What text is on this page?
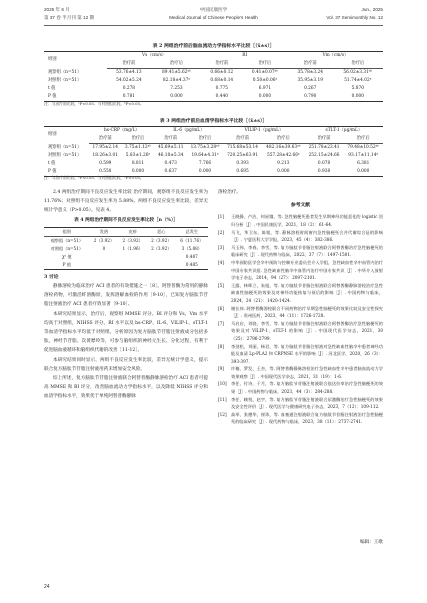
2025 年 6 月
第 37 卷 半月刊 第 12 期
中国民康医学
Medical Journal of Chinese People's Health
Jun., 2025
Vol. 37 Semimonthly No. 12
表 2 两组治疗前后脑血流动力学指标水平比较［（x̄±s）］
组别	Vs（cm/s）		RI		Vm（cm/s）	
	治疗前	治疗后	治疗前	治疗后	治疗前	治疗后
观察组（n=51）	53.76±4.13	89.41±5.62ᵃᵇ	0.66±0.12	0.41±0.07ᵃᵇ	35.78±3.24	56.02±3.31ᵃᵇ
对照组（n=51）	54.02±5.24	82.18±4.37ᵃ	0.68±0.14	0.50±0.06ᵃ	35.95±3.19	51.74±4.02ᵃ
t 值	0.278	7.253	0.775	6.971	0.267	5.870
P 值	0.781	0.000	0.440	0.000	0.790	0.000
注：与治疗前比较，ᵃP<0.05；与对照组比较，ᵇP<0.05。
表 3 两组治疗前后血清学指标水平比较［（x̄±s）］
组别	hs-CRP（mg/L）		IL-6（pg/mL）		VILIP-1（pg/mL）		sTLT-1（μg/mL）	
	治疗前	治疗后	治疗前	治疗后	治疗前	治疗后	治疗前	治疗后
观察组（n=51）	17.95±2.14	3.75±1.12ᵃᵇ	45.69±5.11	13.75±3.28ᵃᵇ	715.68±53.14	482.16±39.63ᵃᵇ	251.78±23.41	79.48±10.52ᵃᵇ
对照组（n=51）	18.26±3.01	5.83±1.26ᵃ	46.18±5.34	19.64±4.31ᵃ	720.25±63.91	557.28±42.66ᵃ	252.15±24.66	93.17±11.14ᵃ
t 值	0.599	8.811	0.473	7.766	0.393	9.213	0.078	6.381
P 值	0.550	0.000	0.637	0.000	0.695	0.000	0.938	0.000
注：与治疗前比较，ᵃP<0.05；与对照组比较，ᵇP<0.05。

2.4 两组治疗期间不良反应发生率比较 治疗期间，观察组不良反应发生率为 11.76%；对照组不良反应发生率为 5.88%。两组不良反应发生率比较，差异无统计学意义（P>0.05）。见表 4。

表 4 两组治疗期间不良反应发生率比较［n（%）］
组别	发热	皮疹	恶心	总发生
观察组（n=51）	2（3.92）	2（3.92）	2（3.92）	6（11.76）
对照组（n=51）	0	1（1.96）	2（3.92）	3（5.88）
χ² 值				0.487
P 值				0.485
3 讨论

静脉溶栓为临床治疗 ACI 患者的有效措施之一［8］。阿替普酶为常用的静脉溶栓药物，可激活纤溶酶原，发挥溶解血栓的作用［9-10］，已知复方脑肽节苷脂注射液治疗 ACI 患者疗效显著［9-10］。

本研究结果显示，治疗后，观察组 MMSE 评分、BI 评分和 Vs、Vm 水平均高于对照组，NIHSS 评分、RI 水平以及 hs-CRP、IL-6、VILIP-1、sTLT-1 等血清学指标水平均低于对照组。分析原因为复方脑肽节苷脂注射液成分包括多肽、神经节苷脂、次黄嘌呤等，可参与脑组织的神经元生长、分化过程，有利于促进脑血液循环和脑组织代谢的改善［11-12］。

本研究结果同时显示，两组不良反应发生率比较，差异无统计学意义，提示联合复方脑肽节苷脂注射液用药未增加安全风险。

综上所述，复方脑肽节苷脂注射液联合阿替普酶静脉溶栓治疗 ACI 患者可提高 MMSE 和 BI 评分，改善脑血流动力学指标水平，以及降低 NIHSS 评分和血清学指标水平，效果优于单纯阿替普酶静脉

溶栓治疗。

参考文献
[1]	王晓静，卢洁，何星娥，等. 急性脑梗死患者发生早期神经功能恶化的 logistic 回归分析［J］. 中国民康医学，2021，18（2）：61-64.
[2]	马飞，华卫东，陈韬，等. 静脉溶栓时间窗内急性脑梗死合并代谢综合征的影响［J］. 宁夏医科大学学报，2023，45（4）：382-386.
[3]	马玉伟，李春，李雪，等. 复方脑肽节苷脂注射液联合阿替普酶治疗急性脑梗死的临床研究［J］. 现代药物与临床，2022，37（7）：1497-1501.
[4]	中华预防医学会卒中预防与控制专业委员会介入学组，急性缺血性卒中血管内治疗中国专家共识组. 急性缺血性脑卒中血管内治疗中国专家共识［J］. 中华介入放射学电子杂志，2014，94（27）：2097-2101.
[5]	王露，林晖立，朱旭，等. 复方脑肽节苷脂注射液联合阿替普酶静脉溶栓治疗急性缺血性脑梗死的效果及对神经功能恢复与预后的影响［J］. 中国药物与临床，2024，24（21）：1420-1424.
[6]	谢长伟. 阿替普酶溶栓联合不同药物治疗早期急性脑梗死的效果比较及安全性探究［J］. 贵州医药，2023，44（11）：1726-1728.
[7]	马启启，刘骁，李雪，等. 复方脑肽节苷脂注射液联合阿替普酶治疗急性脑梗死的效果及对 VILIP-1、sTLT-1 的影响［J］. 中国现代医学杂志，2021，30（25）：2796-2799.
[8]	李劲松，刘丽，杨君，等. 复方脑肽节苷脂注射液对急性缺血性脑卒中患者神经功能及血清 Lp-PLA2 和 CRPNSE 水平的影响［J］. 河北医学，2020，26（3）：393-397.
[9]	许楠，罗发，王杏，等. 阿替普酶静脉溶栓治疗急性缺血性卒中患者脑血流动力学效果观察［J］. 中国现代医学杂志，2021，31（19）：1-6.
[10]	李任，付诗，于月，等. 复方脑肽节苷脂注射液联合依达拉奉治疗急性脑梗死的效果［J］. 中国药物与临床，2023，44（3）：284-288.
[11]	李任，赖悦，赵宇，等. 复方脑肽节苷脂注射液联合尿激酶治疗急性脑梗死的效果及安全性评价［J］. 现代医学与健康研究电子杂志，2023，7（12）：109-112.
[12]	高举，张德华，崔玮，等. 血塞通注射液联合复方脑肽节苷脂注射液治疗急性脑梗死的临床研究［J］. 现代药物与临床，2023，38（11）：2737-2741.
编辑：王歌
24
